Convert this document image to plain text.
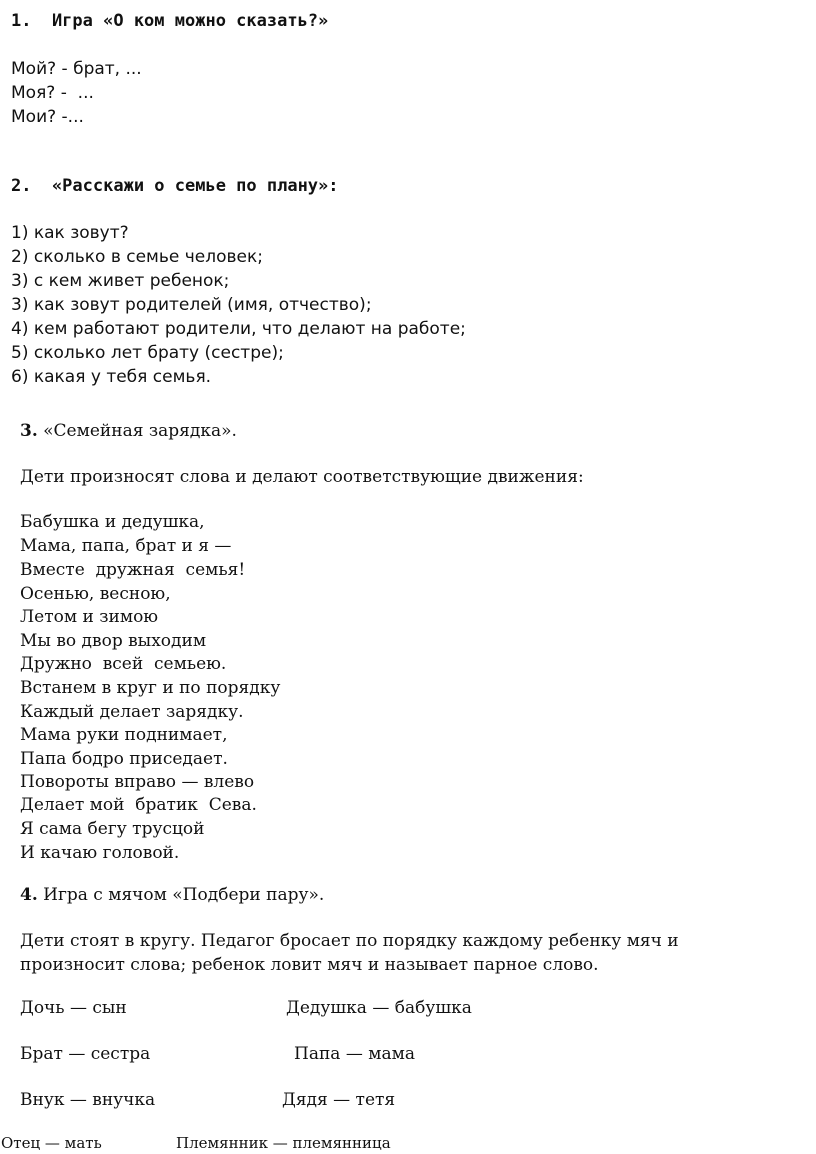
1.  Игра «О ком можно сказать?»
Мой? - брат, ...
Моя? -  ...
Мои? -...
2.  «Расскажи о семье по плану»:
1) как зовут?
2) сколько в семье человек;
3) с кем живет ребенок;
3) как зовут родителей (имя, отчество);
4) кем работают родители, что делают на работе;
5) сколько лет брату (сестре);
6) какая у тебя семья.
3. «Семейная зарядка».
Дети произносят слова и делают соответствующие движения:
Бабушка и дедушка,
Мама, папа, брат и я —
Вместе  дружная  семья!
Осенью, весною,
Летом и зимою
Мы во двор выходим
Дружно  всей  семьею.
Встанем в круг и по порядку
Каждый делает зарядку.
Мама руки поднимает,
Папа бодро приседает.
Повороты вправо — влево
Делает мой  братик  Сева.
Я сама бегу трусцой
И качаю головой.
4. Игра с мячом «Подбери пару».
Дети стоят в кругу. Педагог бросает по порядку каждому ребенку мяч и
произносит слова; ребенок ловит мяч и называет парное слово.
Дочь — сын	Дедушка — бабушка
Брат — сестра	Папа — мама
Внук — внучка	Дядя — тетя
Отец — мать	Племянник — племянница
